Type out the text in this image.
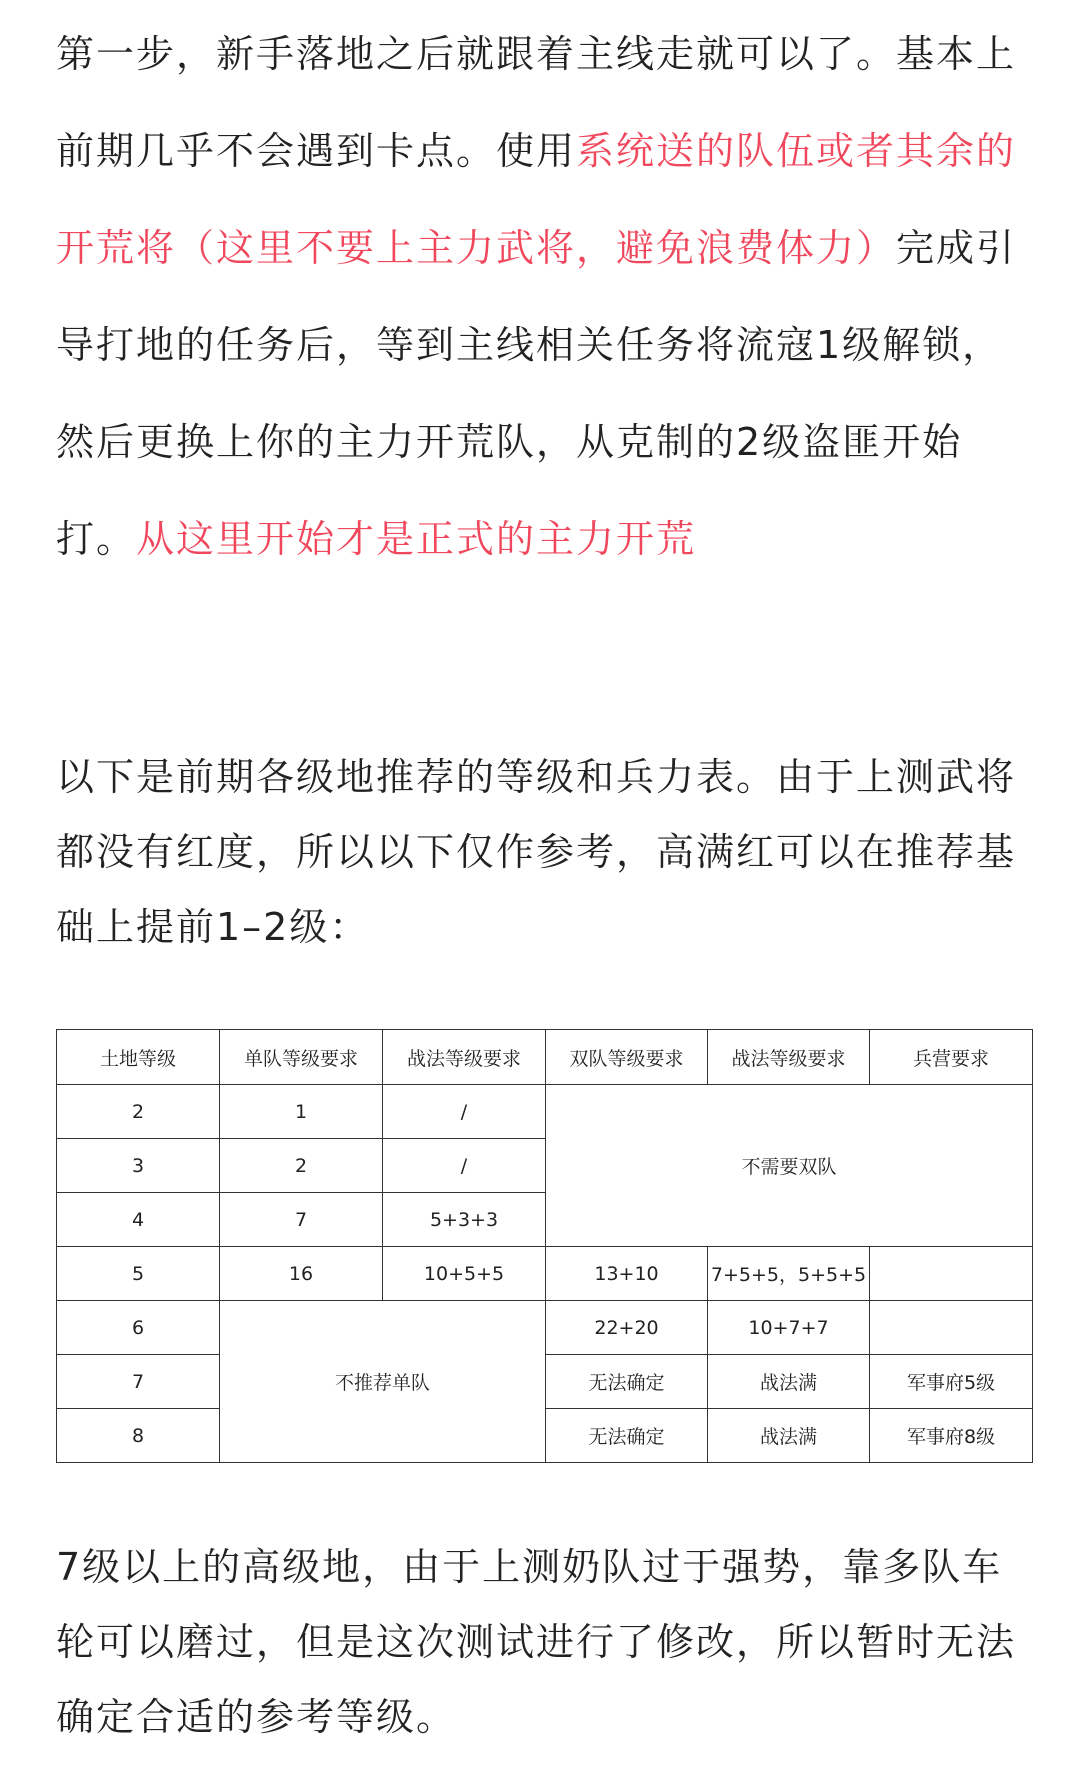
第一步，新手落地之后就跟着主线走就可以了。基本上前期几乎不会遇到卡点。使用系统送的队伍或者其余的开荒将（这里不要上主力武将，避免浪费体力）完成引导打地的任务后，等到主线相关任务将流寇1级解锁，然后更换上你的主力开荒队，从克制的2级盗匪开始打。从这里开始才是正式的主力开荒

以下是前期各级地推荐的等级和兵力表。由于上测武将都没有红度，所以以下仅作参考，高满红可以在推荐基础上提前1–2级：

土地等级	单队等级要求	战法等级要求	双队等级要求	战法等级要求	兵营要求
2	1	/	不需要双队		
3	2	/			
4	7	5+3+3			
5	16	10+5+5	13+10	7+5+5，5+5+5	
6	不推荐单队		22+20	10+7+7	
7			无法确定	战法满	军事府5级
8			无法确定	战法满	军事府8级

7级以上的高级地，由于上测奶队过于强势，靠多队车轮可以磨过，但是这次测试进行了修改，所以暂时无法确定合适的参考等级。
